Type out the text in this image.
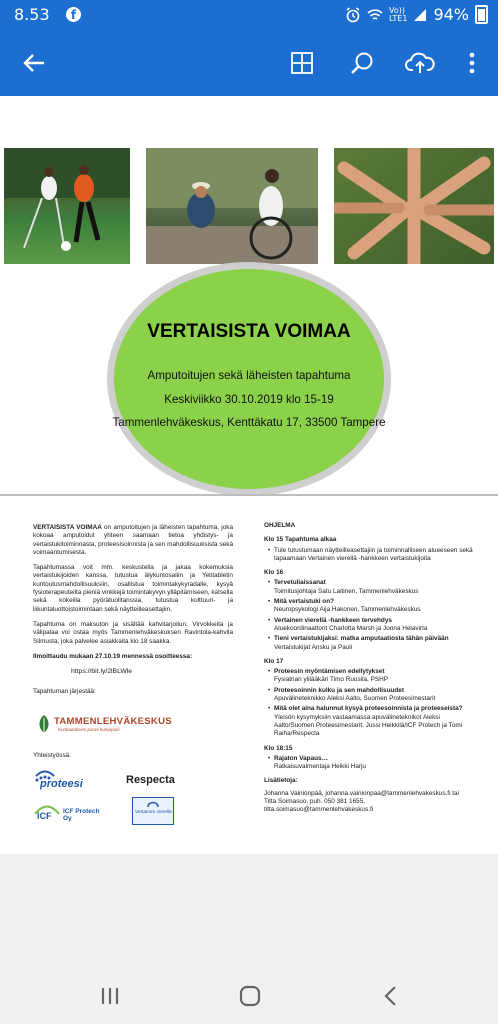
8.53	f	Vo))
LTE1 94%
VERTAISISTA VOIMAA
Amputoitujen sekä läheisten tapahtuma
Keskiviikko 30.10.2019 klo 15-19
Tammenlehväkeskus, Kenttäkatu 17, 33500 Tampere

VERTAISISTA VOIMAA on amputoitujen ja läheisten tapahtuma, joka kokoaa amputoidut yhteen saamaan tietoa yhdistys- ja vertaistukitoiminnasta, proteesisoinnista ja sen mahdollisuuksista sekä voimaantumisesta.

Tapahtumassa voit mm. keskustella ja jakaa kokemuksia vertaistukijoiden kanssa, tutustua älykuntosaliin ja Yetitabletin kuntoutusmahdollisuuksiin, osallistua toimintakykyradalle, kysyä fysioterapeuteilta pieniä vinkkejä toimintakyvyn ylläpitämiseen, katsella sekä kokeilla pyörätuolitanssia, tutustua kulttuuri- ja liikuntaluottoistoimintaan sekä näytteilleasettajiin.

Tapahtuma on maksuton ja sisältää kahvitarjoilun. Virvokkeita ja välipalaa voi ostaa myös Tammenlehväkeskuksen Ravintola-kahvila Silmusta, joka palvelee asiakkaita klo 18 saakka.

Ilmoittaudu mukaan 27.10.19 mennessä osoitteessa:

https://bit.ly/2lBLWle

Tapahtuman järjestää:

TAMMENLEHVÄKESKUS
Kuntoutuksesi paras kumppani
Yhteistyössä:
proteesi	Respecta
ICF ICF Protech Oy
Vertainen vierellä
OHJELMA
Klo 15 Tapahtuma alkaa
• Tule tutustumaan näytteilleasettajiin ja toiminnalliseen alueeseen sekä tapaamaan Vertainen vierellä -hankkeen vertaistukijoita
Klo 16
• Tervetuliaissanat
Toimitusjohtaja Satu Laitinen, Tammenlehväkeskus
• Mitä vertaistuki on?
Neuropsykologi Aija Hakonen, Tammenlehväkeskus
• Vertainen vierellä -hankkeen tervehdys
Aluekoordinaattorit Charlotta Marsh ja Jonna Helavirta
• Tieni vertaistukijaksi: matka amputaatiosta tähän päivään
Vertaistukijat Ansku ja Pauli
Klo 17
• Proteesin myöntämisen edellytykset
Fysiatrian ylilääkäri Timo Ruusila, PSHP
• Proteesoinnin kulku ja sen mahdollisuudet
Apuvälineteknikko Aleksi Aalto, Suomen Proteesimestarit
• Mitä olet aina halunnut kysyä proteesoinnista ja proteeseista?
Yleisön kysymyksiin vastaamassa apuvälineteknikot Aleksi Aalto/Suomen Proteesimestarit, Jussi Heikkilä/ICF Protech ja Tomi Raiha/Respecta
Klo 18:15
• Rajaton Vapaus…
Ratkaisuvalmentaja Heikki Harju
Lisätietoja:
Johanna Vainionpää, johanna.vainionpaa@tammenlehvakeskus.fi tai
Titta Soimasuo, puh. 050 381 1655, titta.soimasuo@tammenlehvakeskus.fi
